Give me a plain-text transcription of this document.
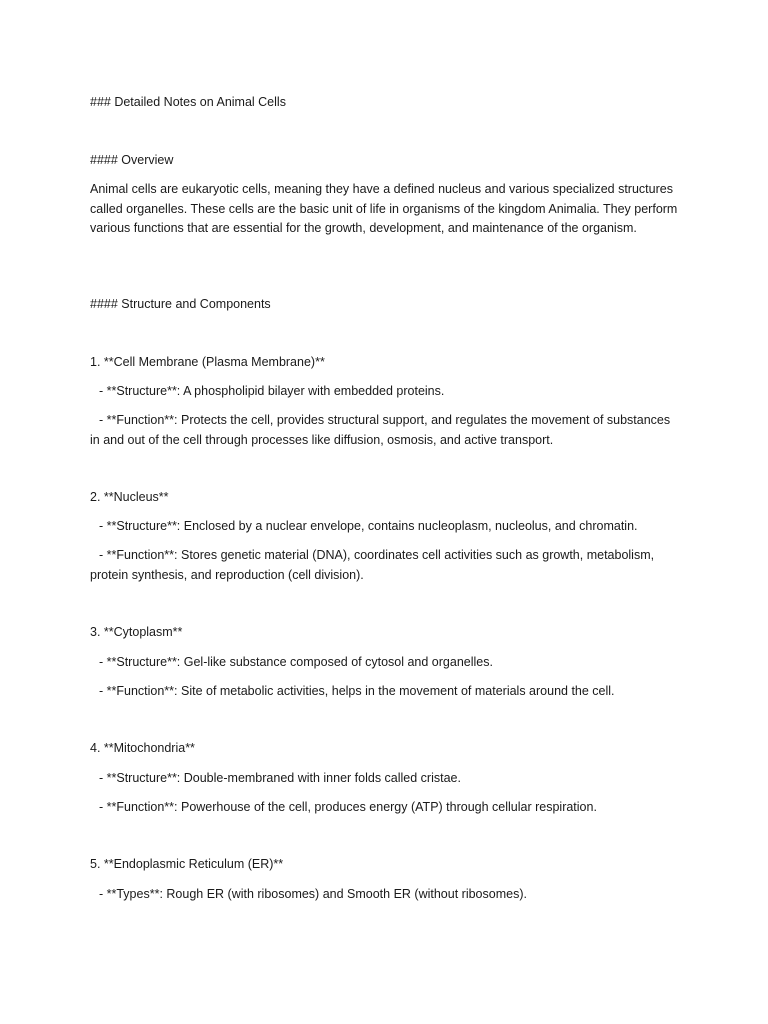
### Detailed Notes on Animal Cells
#### Overview
Animal cells are eukaryotic cells, meaning they have a defined nucleus and various specialized structures called organelles. These cells are the basic unit of life in organisms of the kingdom Animalia. They perform various functions that are essential for the growth, development, and maintenance of the organism.
#### Structure and Components
1. **Cell Membrane (Plasma Membrane)**
- **Structure**: A phospholipid bilayer with embedded proteins.
- **Function**: Protects the cell, provides structural support, and regulates the movement of substances in and out of the cell through processes like diffusion, osmosis, and active transport.
2. **Nucleus**
- **Structure**: Enclosed by a nuclear envelope, contains nucleoplasm, nucleolus, and chromatin.
- **Function**: Stores genetic material (DNA), coordinates cell activities such as growth, metabolism, protein synthesis, and reproduction (cell division).
3. **Cytoplasm**
- **Structure**: Gel-like substance composed of cytosol and organelles.
- **Function**: Site of metabolic activities, helps in the movement of materials around the cell.
4. **Mitochondria**
- **Structure**: Double-membraned with inner folds called cristae.
- **Function**: Powerhouse of the cell, produces energy (ATP) through cellular respiration.
5. **Endoplasmic Reticulum (ER)**
- **Types**: Rough ER (with ribosomes) and Smooth ER (without ribosomes).
